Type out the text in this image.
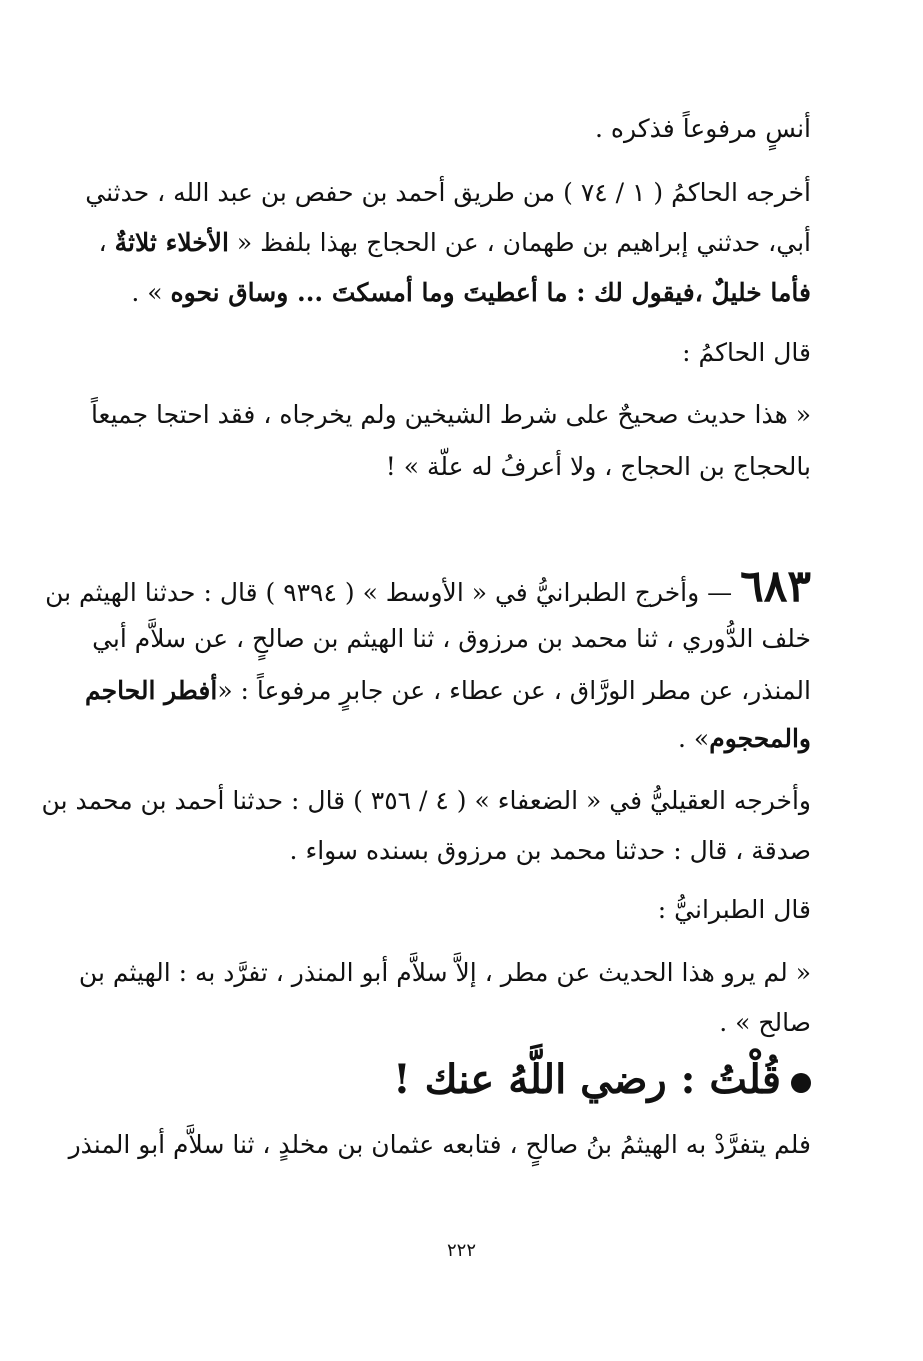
أنسٍ مرفوعاً فذكره .
أخرجه الحاكمُ ( ١ / ٧٤ ) من طريق أحمد بن حفص بن عبد الله ، حدثني
أبي، حدثني إبراهيم بن طهمان ، عن الحجاج بهذا بلفظ « الأخلاء ثلاثةٌ ،
فأما خليلٌ ،فيقول لك : ما أعطيتَ وما أمسكتَ ... وساق نحوه » .
قال الحاكمُ :
« هذا حديث صحيحٌ على شرط الشيخين ولم يخرجاه ، فقد احتجا جميعاً
بالحجاج بن الحجاج ، ولا أعرفُ له علّة » !
٦٨٣ — وأخرج الطبرانيُّ في « الأوسط » ( ٩٣٩٤ ) قال : حدثنا الهيثم بن
خلف الدُّوري ، ثنا محمد بن مرزوق ، ثنا الهيثم بن صالحٍ ، عن سلاَّم أبي
المنذر، عن مطر الورَّاق ، عن عطاء ، عن جابرٍ مرفوعاً : «أفطر الحاجم
والمحجوم» .
وأخرجه العقيليُّ في « الضعفاء » ( ٤ / ٣٥٦ ) قال : حدثنا أحمد بن محمد بن
صدقة ، قال : حدثنا محمد بن مرزوق بسنده سواء .
قال الطبرانيُّ :
« لم يرو هذا الحديث عن مطر ، إلاَّ سلاَّم أبو المنذر ، تفرَّد به : الهيثم بن
صالح » .
قُلْتُ : رضي اللَّهُ عنك !
فلم يتفرَّدْ به الهيثمُ بنُ صالحٍ ، فتابعه عثمان بن مخلدٍ ، ثنا سلاَّم أبو المنذر
٢٢٢
